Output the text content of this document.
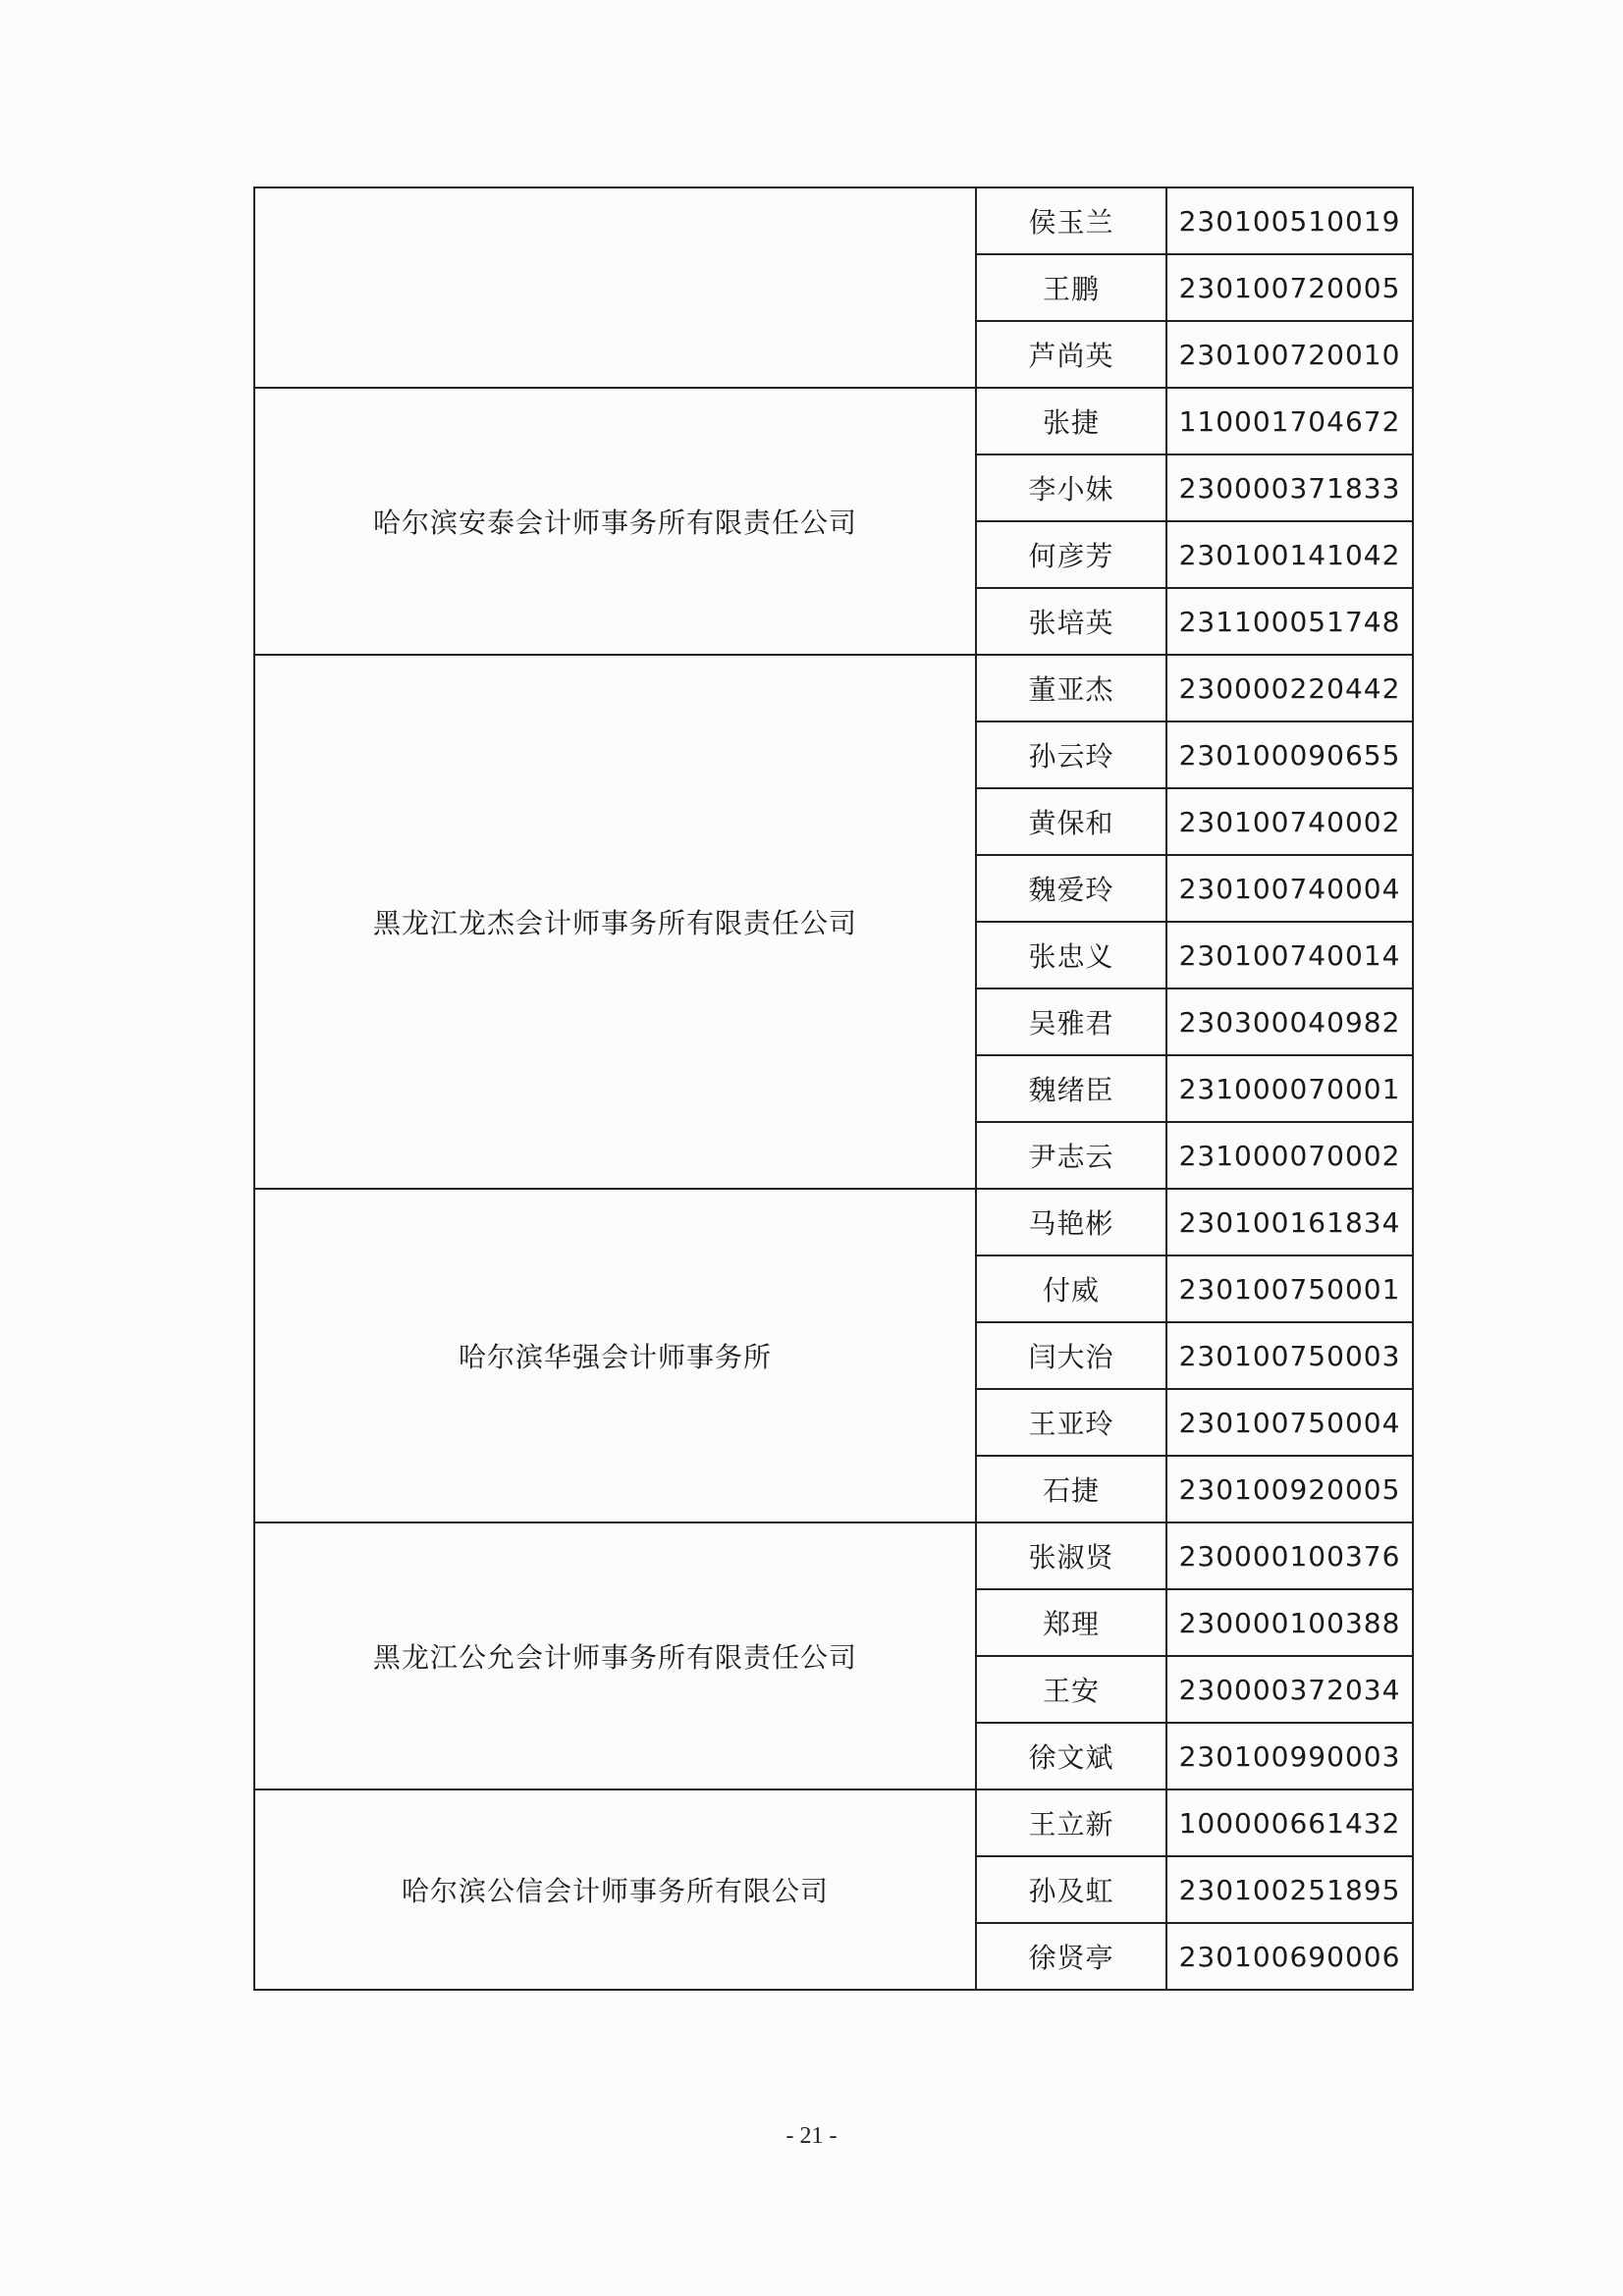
	侯玉兰	230100510019
	王鹏	230100720005
	芦尚英	230100720010
哈尔滨安泰会计师事务所有限责任公司	张捷	110001704672
	李小妹	230000371833
	何彦芳	230100141042
	张培英	231100051748
黑龙江龙杰会计师事务所有限责任公司	董亚杰	230000220442
	孙云玲	230100090655
	黄保和	230100740002
	魏爱玲	230100740004
	张忠义	230100740014
	吴雅君	230300040982
	魏绪臣	231000070001
	尹志云	231000070002
哈尔滨华强会计师事务所	马艳彬	230100161834
	付威	230100750001
	闫大治	230100750003
	王亚玲	230100750004
	石捷	230100920005
黑龙江公允会计师事务所有限责任公司	张淑贤	230000100376
	郑理	230000100388
	王安	230000372034
	徐文斌	230100990003
哈尔滨公信会计师事务所有限公司	王立新	100000661432
	孙及虹	230100251895
	徐贤亭	230100690006
- 21 -
